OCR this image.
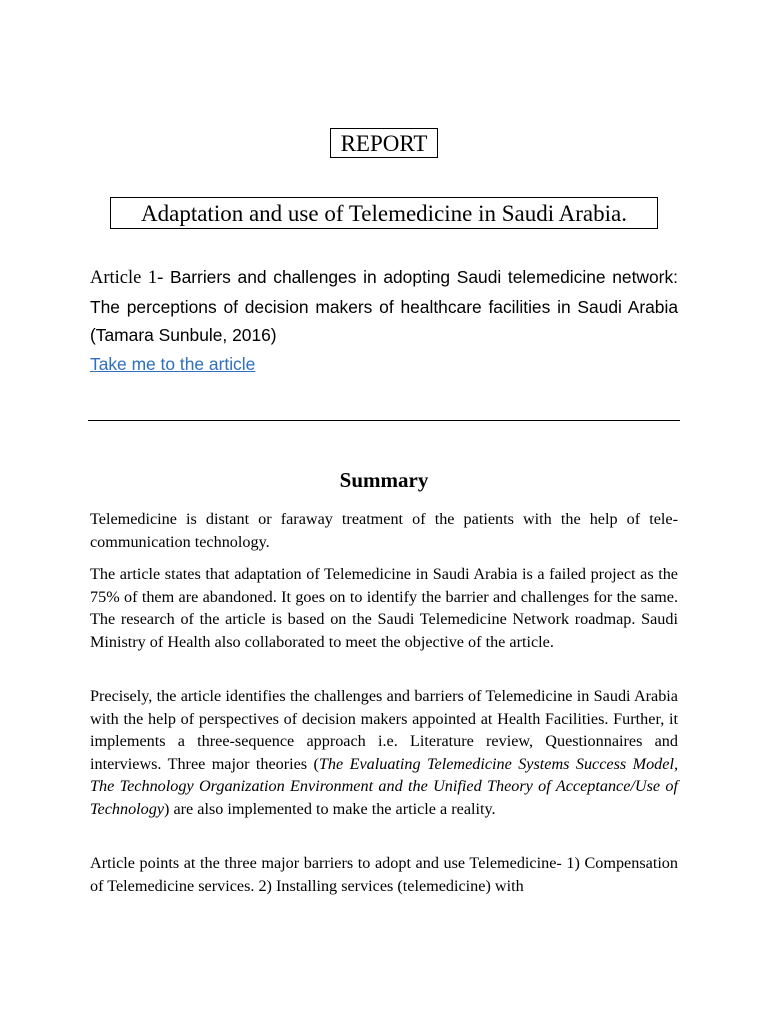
REPORT
Adaptation and use of Telemedicine in Saudi Arabia.

Article 1- Barriers and challenges in adopting Saudi telemedicine network: The perceptions of decision makers of healthcare facilities in Saudi Arabia (Tamara Sunbule, 2016)

Take me to the article
Summary

Telemedicine is distant or faraway treatment of the patients with the help of tele-communication technology.

The article states that adaptation of Telemedicine in Saudi Arabia is a failed project as the 75% of them are abandoned. It goes on to identify the barrier and challenges for the same. The research of the article is based on the Saudi Telemedicine Network roadmap. Saudi Ministry of Health also collaborated to meet the objective of the article.

Precisely, the article identifies the challenges and barriers of Telemedicine in Saudi Arabia with the help of perspectives of decision makers appointed at Health Facilities. Further, it implements a three-sequence approach i.e. Literature review, Questionnaires and interviews. Three major theories (The Evaluating Telemedicine Systems Success Model, The Technology Organization Environment and the Unified Theory of Acceptance/Use of Technology) are also implemented to make the article a reality.

Article points at the three major barriers to adopt and use Telemedicine- 1) Compensation of Telemedicine services. 2) Installing services (telemedicine) with
